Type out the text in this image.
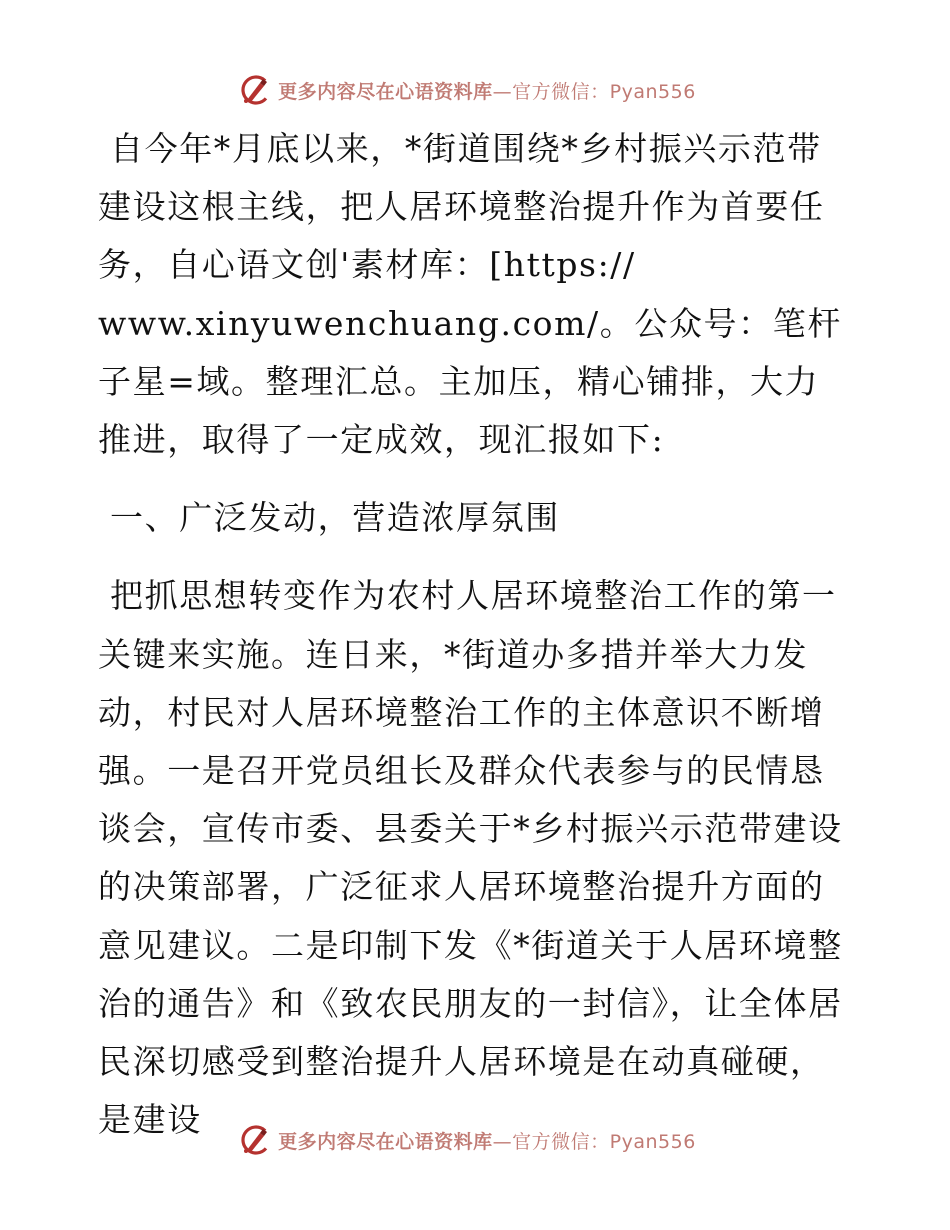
更多内容尽在心语资料库—官方微信：Pyan556

自今年*月底以来，*街道围绕*乡村振兴示范带建设这根主线，把人居环境整治提升作为首要任务，自心语文创'素材库：[https://
www.xinyuwenchuang.com/。公众号：笔杆子星=域。整理汇总。主加压，精心铺排，大力推进，取得了一定成效，现汇报如下:

一、广泛发动，营造浓厚氛围

把抓思想转变作为农村人居环境整治工作的第一关键来实施。连日来，*街道办多措并举大力发动，村民对人居环境整治工作的主体意识不断增强。一是召开党员组长及群众代表参与的民情恳谈会，宣传市委、县委关于*乡村振兴示范带建设的决策部署，广泛征求人居环境整治提升方面的意见建议。二是印制下发《*街道关于人居环境整治的通告》和《致农民朋友的一封信》，让全体居民深切感受到整治提升人居环境是在动真碰硬，是建设

更多内容尽在心语资料库—官方微信：Pyan556
